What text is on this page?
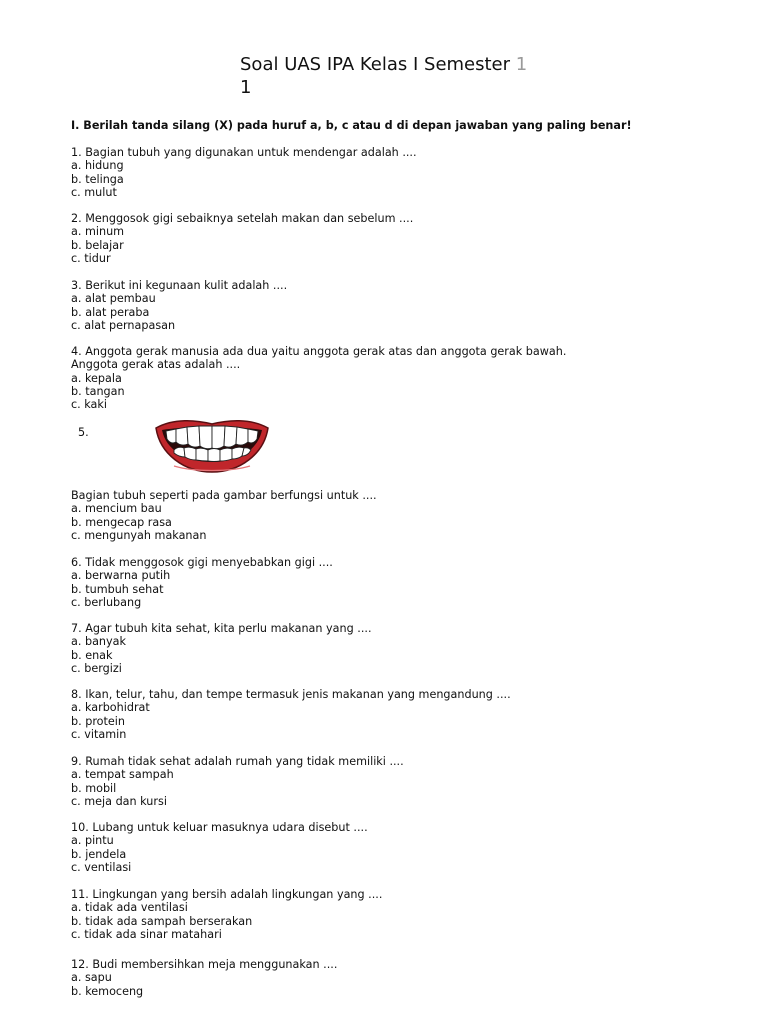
Soal UAS IPA Kelas I Semester 1
1
I. Berilah tanda silang (X) pada huruf a, b, c atau d di depan jawaban yang paling benar!
1. Bagian tubuh yang digunakan untuk mendengar adalah ....
a. hidung
b. telinga
c. mulut
2. Menggosok gigi sebaiknya setelah makan dan sebelum ....
a. minum
b. belajar
c. tidur
3. Berikut ini kegunaan kulit adalah ....
a. alat pembau
b. alat peraba
c. alat pernapasan
4. Anggota gerak manusia ada dua yaitu anggota gerak atas dan anggota gerak bawah.
Anggota gerak atas adalah ....
a. kepala
b. tangan
c. kaki
5.
Bagian tubuh seperti pada gambar berfungsi untuk ....
a. mencium bau
b. mengecap rasa
c. mengunyah makanan
6. Tidak menggosok gigi menyebabkan gigi ....
a. berwarna putih
b. tumbuh sehat
c. berlubang
7. Agar tubuh kita sehat, kita perlu makanan yang ....
a. banyak
b. enak
c. bergizi
8. Ikan, telur, tahu, dan tempe termasuk jenis makanan yang mengandung ....
a. karbohidrat
b. protein
c. vitamin
9. Rumah tidak sehat adalah rumah yang tidak memiliki ....
a. tempat sampah
b. mobil
c. meja dan kursi
10. Lubang untuk keluar masuknya udara disebut ....
a. pintu
b. jendela
c. ventilasi
11. Lingkungan yang bersih adalah lingkungan yang ....
a. tidak ada ventilasi
b. tidak ada sampah berserakan
c. tidak ada sinar matahari
12. Budi membersihkan meja menggunakan ....
a. sapu
b. kemoceng
